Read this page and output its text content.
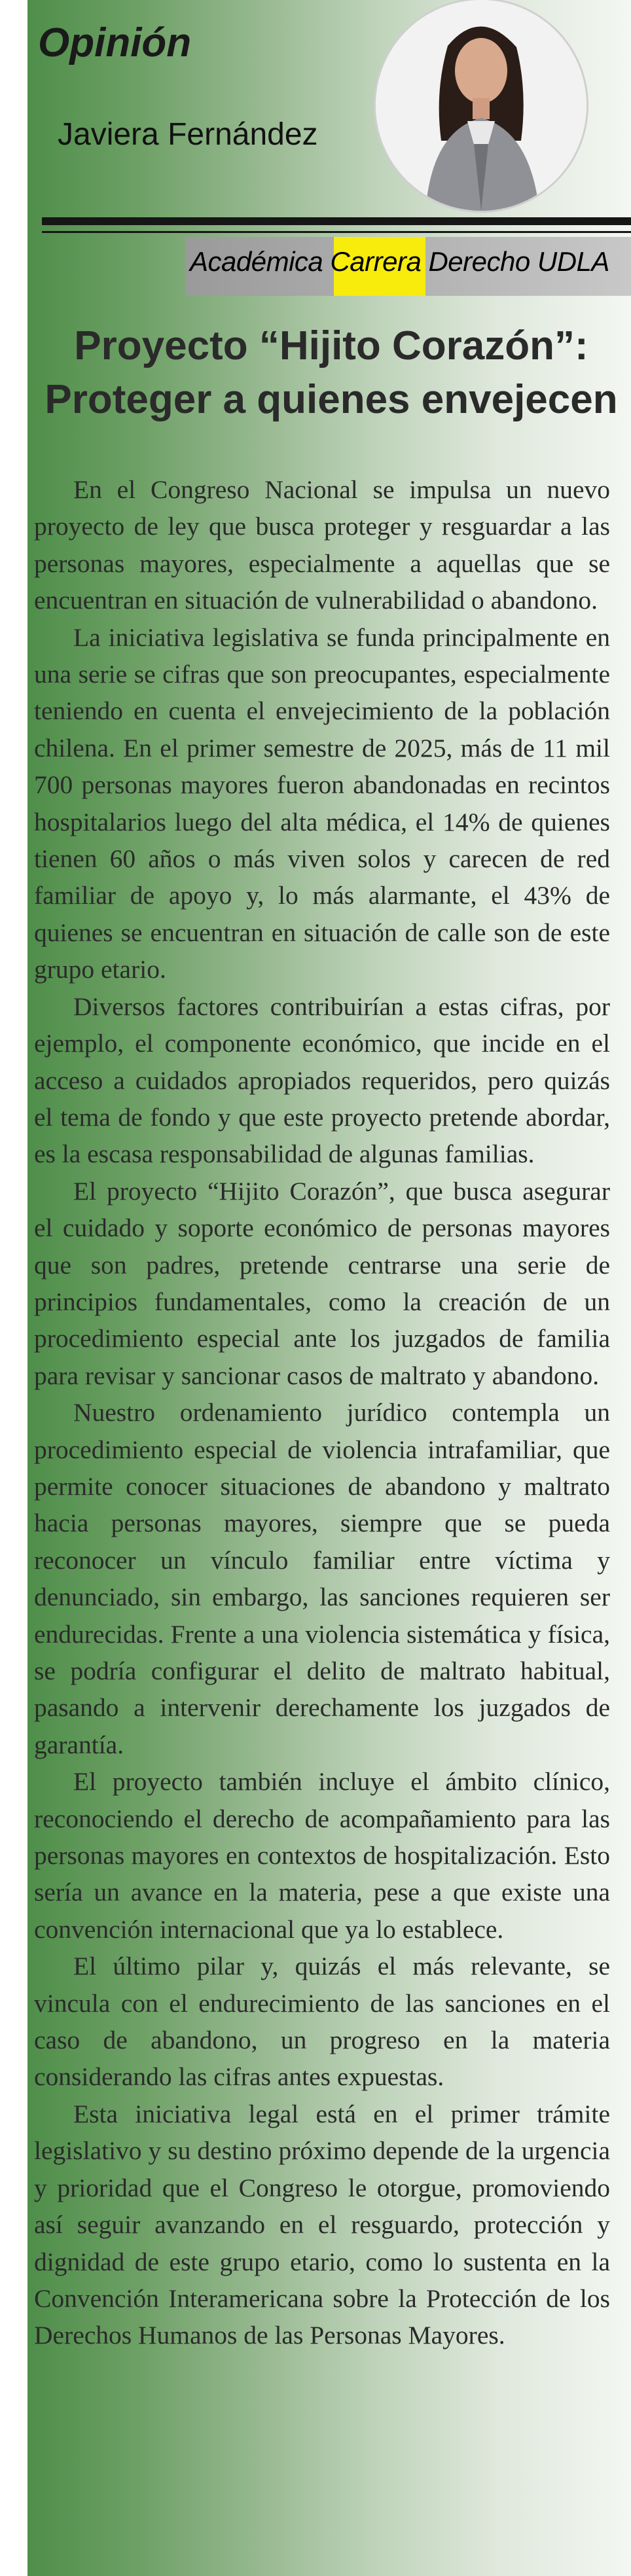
Opinión
Javiera Fernández
Académica Carrera Derecho UDLA
Proyecto “Hijito Corazón”:
Proteger a quienes envejecen

En el Congreso Nacional se impulsa un nuevo proyecto de ley que busca proteger y resguardar a las personas mayores, especialmente a aquellas que se encuentran en situación de vulnerabilidad o abandono.

La iniciativa legislativa se funda principalmente en una serie se cifras que son preocupantes, especialmente teniendo en cuenta el envejecimiento de la población chilena. En el primer semestre de 2025, más de 11 mil 700 personas mayores fueron abandonadas en recintos hospitalarios luego del alta médica, el 14% de quienes tienen 60 años o más viven solos y carecen de red familiar de apoyo y, lo más alarmante, el 43% de quienes se encuentran en situación de calle son de este grupo etario.

Diversos factores contribuirían a estas cifras, por ejemplo, el componente económico, que incide en el acceso a cuidados apropiados requeridos, pero quizás el tema de fondo y que este proyecto pretende abordar, es la escasa responsabilidad de algunas familias.

El proyecto “Hijito Corazón”, que busca asegurar el cuidado y soporte económico de personas mayores que son padres, pretende centrarse una serie de principios fundamentales, como la creación de un procedimiento especial ante los juzgados de familia para revisar y sancionar casos de maltrato y abandono.

Nuestro ordenamiento jurídico contempla un procedimiento especial de violencia intrafamiliar, que permite conocer situaciones de abandono y maltrato hacia personas mayores, siempre que se pueda reconocer un vínculo familiar entre víctima y denunciado, sin embargo, las sanciones requieren ser endurecidas. Frente a una violencia sistemática y física, se podría configurar el delito de maltrato habitual, pasando a intervenir derechamente los juzgados de garantía.

El proyecto también incluye el ámbito clínico, reconociendo el derecho de acompañamiento para las personas mayores en contextos de hospitalización. Esto sería un avance en la materia, pese a que existe una convención internacional que ya lo establece.

El último pilar y, quizás el más relevante, se vincula con el endurecimiento de las sanciones en el caso de abandono, un progreso en la materia considerando las cifras antes expuestas.

Esta iniciativa legal está en el primer trámite legislativo y su destino próximo depende de la urgencia y prioridad que el Congreso le otorgue, promoviendo así seguir avanzando en el resguardo, protección y dignidad de este grupo etario, como lo sustenta en la Convención Interamericana sobre la Protección de los Derechos Humanos de las Personas Mayores.
